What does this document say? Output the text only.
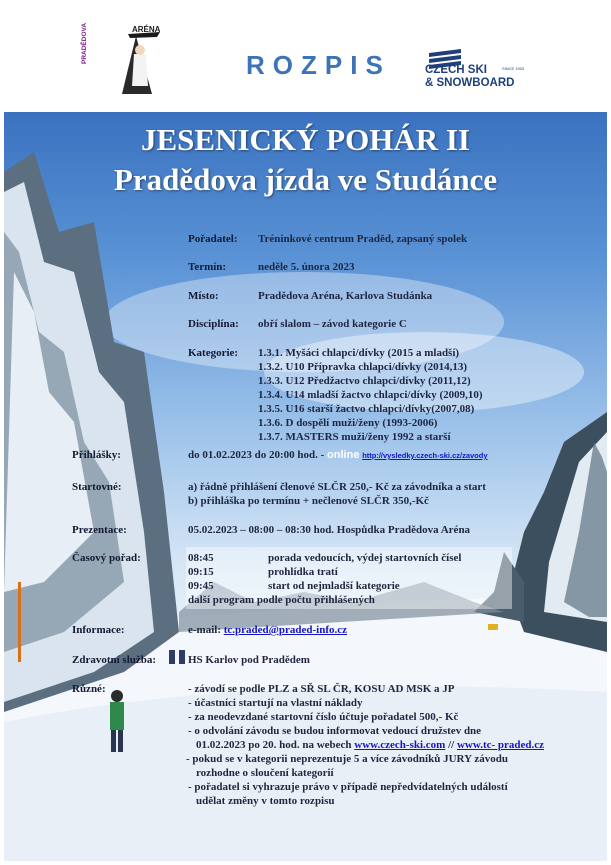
PRADĚDOVA	ARÉNA
ROZPIS	CZECH SKI
& SNOWBOARD
SINCE 1903
JESENICKÝ POHÁR II
Pradědova jízda ve Studánce
Pořadatel: Tréninkové centrum Praděd, zapsaný spolek
Termín:	neděle 5. února 2023
Místo:	Pradědova Aréna, Karlova Studánka
Disciplína: obří slalom – závod kategorie C
Kategorie: 1.3.1. Myšáci chlapci/dívky (2015 a mladší)
1.3.2. U10 Přípravka chlapci/dívky (2014,13)
1.3.3. U12 Předžactvo chlapci/dívky (2011,12)
1.3.4. U14 mladší žactvo chlapci/dívky (2009,10)
1.3.5. U16 starší žactvo chlapci/dívky(2007,08)
1.3.6. D dospělí muži/ženy (1993-2006)
1.3.7. MASTERS muži/ženy 1992 a starší
Přihlášky:	do 01.02.2023 do 20:00 hod. - online http://vysledky.czech-ski.cz/zavody
Startovné:	a) řádně přihlášení členové SLČR 250,- Kč za závodníka a start
b) přihláška po termínu + nečlenové SLČR 350,-Kč
Prezentace:	05.02.2023 – 08:00 – 08:30 hod. Hospůdka Pradědova Aréna
Časový pořad:	08:45	porada vedoucích, výdej startovních čísel
09:15	prohlídka tratí
09:45	start od nejmladší kategorie
další program podle počtu přihlášených
Informace:	e-mail: tc.praded@praded-info.cz
Zdravotní služba:	HS Karlov pod Pradědem
Různé:	- závodí se podle PLZ a SŘ SL ČR, KOSU AD MSK a JP
- účastníci startují na vlastní náklady
- za neodevzdané startovní číslo účtuje pořadatel 500,- Kč
- o odvolání závodu se budou informovat vedoucí družstev dne
01.02.2023 po 20. hod. na webech www.czech-ski.com // www.tc- praded.cz
- pokud se v kategorii neprezentuje 5 a více závodníků JURY závodu
rozhodne o sloučení kategorií
- pořadatel si vyhrazuje právo v případě nepředvídatelných událostí
udělat změny v tomto rozpisu
